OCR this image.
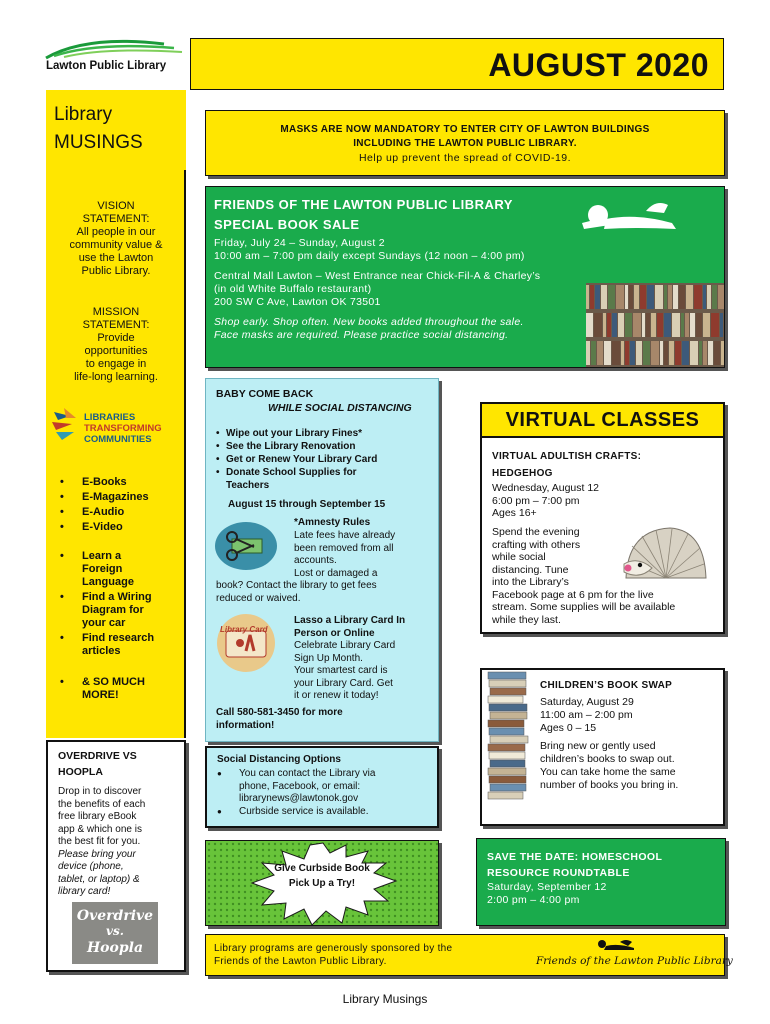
Lawton Public Library	AUGUST 2020
Library
MUSINGS
VISION
STATEMENT:
All people in our
community value &
use the Lawton
Public Library.
MISSION
STATEMENT:
Provide
opportunities
to engage in
life-long learning.
LIBRARIES
TRANSFORMING
COMMUNITIES
• E-Books
• E-Magazines
• E-Audio
• E-Video
• Learn a
Foreign
Language
• Find a Wiring
Diagram for
your car
• Find research
articles
• & SO MUCH
MORE!
OVERDRIVE VS
HOOPLA
Drop in to discover
the benefits of each
free library eBook
app & which one is
the best fit for you.
Please bring your
device (phone,
tablet, or laptop) &
library card!
Overdrive
vs.
Hoopla
MASKS ARE NOW MANDATORY TO ENTER CITY OF LAWTON BUILDINGS
INCLUDING THE LAWTON PUBLIC LIBRARY.
Help up prevent the spread of COVID-19.
FRIENDS OF THE LAWTON PUBLIC LIBRARY
SPECIAL BOOK SALE
Friday, July 24 – Sunday, August 2
10:00 am – 7:00 pm daily except Sundays (12 noon – 4:00 pm)
Central Mall Lawton – West Entrance near Chick-Fil-A & Charley’s
(in old White Buffalo restaurant)
200 SW C Ave, Lawton OK 73501
Shop early. Shop often. New books added throughout the sale.
Face masks are required. Please practice social distancing.
BABY COME BACK
WHILE SOCIAL DISTANCING
• Wipe out your Library Fines*
• See the Library Renovation
• Get or Renew Your Library Card
• Donate School Supplies for
Teachers
August 15 through September 15
*Amnesty Rules
Late fees have already
been removed from all
accounts.
Lost or damaged a
book? Contact the library to get fees
reduced or waived.
Library Card
Lasso a Library Card In
Person or Online
Celebrate Library Card
Sign Up Month.
Your smartest card is
your Library Card. Get
it or renew it today!
Call 580-581-3450 for more
information!
Social Distancing Options
● You can contact the Library via
phone, Facebook, or email:
librarynews@lawtonok.gov
● Curbside service is available.
Give Curbside Book
Pick Up a Try!
VIRTUAL CLASSES
VIRTUAL ADULTISH CRAFTS:
HEDGEHOG
Wednesday, August 12
6:00 pm – 7:00 pm
Ages 16+
Spend the evening
crafting with others
while social
distancing. Tune
into the Library’s
Facebook page at 6 pm for the live
stream. Some supplies will be available
while they last.
CHILDREN’S BOOK SWAP
Saturday, August 29
11:00 am – 2:00 pm
Ages 0 – 15
Bring new or gently used
children’s books to swap out.
You can take home the same
number of books you bring in.
SAVE THE DATE: HOMESCHOOL
RESOURCE ROUNDTABLE
Saturday, September 12
2:00 pm – 4:00 pm
Library programs are generously sponsored by the
Friends of the Lawton Public Library.	Friends of the Lawton Public Library
Library Musings
